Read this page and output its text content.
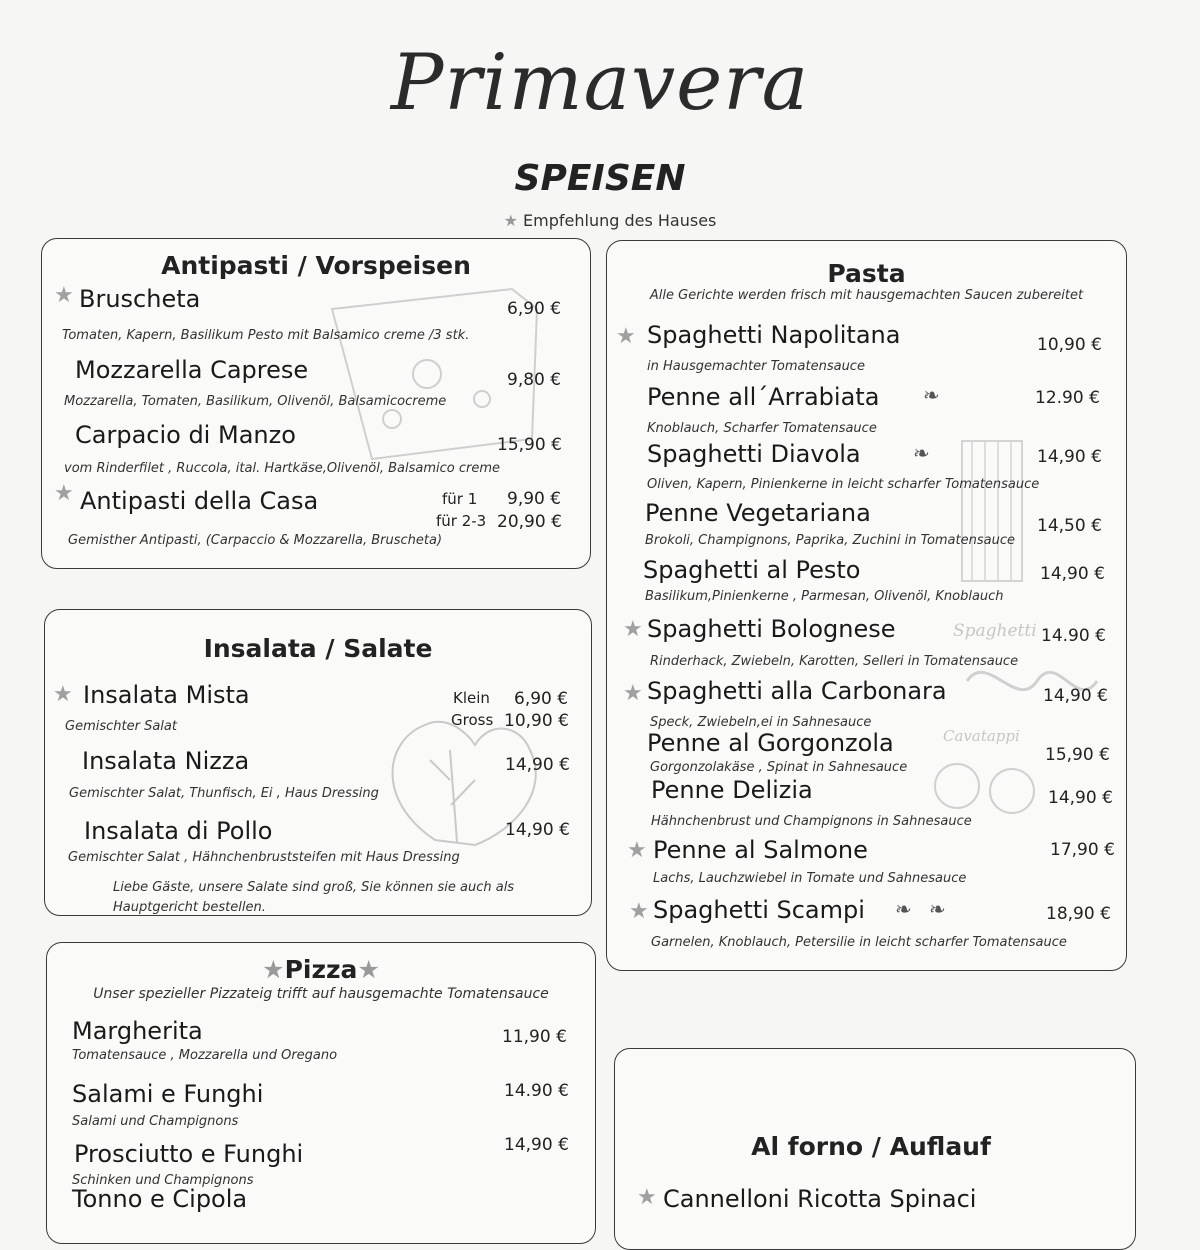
Primavera
SPEISEN
★ Empfehlung des Hauses
Antipasti / Vorspeisen
★ Bruscheta	6,90 €
Tomaten, Kapern, Basilikum Pesto mit Balsamico creme /3 stk.
Mozzarella Caprese	9,80 €
Mozzarella, Tomaten, Basilikum, Olivenöl, Balsamicocreme
Carpacio di Manzo	15,90 €
vom Rinderfilet , Ruccola, ital. Hartkäse,Olivenöl, Balsamico creme
★ Antipasti della Casa	für 1 9,90 €
für 2-3 20,90 €
Gemisther Antipasti, (Carpaccio & Mozzarella, Bruscheta)
Insalata / Salate
★ Insalata Mista	Klein 6,90 €
Gross 10,90 €
Gemischter Salat
Insalata Nizza	14,90 €
Gemischter Salat, Thunfisch, Ei , Haus Dressing
Insalata di Pollo	14,90 €
Gemischter Salat , Hähnchenbruststeifen mit Haus Dressing
Liebe Gäste, unsere Salate sind groß, Sie können sie auch als
Hauptgericht bestellen.
★Pizza★
Unser spezieller Pizzateig trifft auf hausgemachte Tomatensauce
Margherita	11,90 €
Tomatensauce , Mozzarella und Oregano
Salami e Funghi	14.90 €
Salami und Champignons
Prosciutto e Funghi	14,90 €
Schinken und Champignons
Tonno e Cipola
Spaghetti
Cavatappi
Pasta
Alle Gerichte werden frisch mit hausgemachten Saucen zubereitet
★ Spaghetti Napolitana	10,90 €
in Hausgemachter Tomatensauce
Penne all´Arrabiata ❧	12.90 €
Knoblauch, Scharfer Tomatensauce
Spaghetti Diavola	❧	14,90 €
Oliven, Kapern, Pinienkerne in leicht scharfer Tomatensauce
Penne Vegetariana	14,50 €
Brokoli, Champignons, Paprika, Zuchini in Tomatensauce
Spaghetti al Pesto	14,90 €
Basilikum,Pinienkerne , Parmesan, Olivenöl, Knoblauch
★ Spaghetti Bolognese	14.90 €
Rinderhack, Zwiebeln, Karotten, Selleri in Tomatensauce
★ Spaghetti alla Carbonara	14,90 €
Speck, Zwiebeln,ei in Sahnesauce
Penne al Gorgonzola	15,90 €
Gorgonzolakäse , Spinat in Sahnesauce
Penne Delizia	14,90 €
Hähnchenbrust und Champignons in Sahnesauce
★ Penne al Salmone	17,90 €
Lachs, Lauchzwiebel in Tomate und Sahnesauce
★ Spaghetti Scampi ❧ ❧	18,90 €
Garnelen, Knoblauch, Petersilie in leicht scharfer Tomatensauce
Al forno / Auflauf
★ Cannelloni Ricotta Spinaci
